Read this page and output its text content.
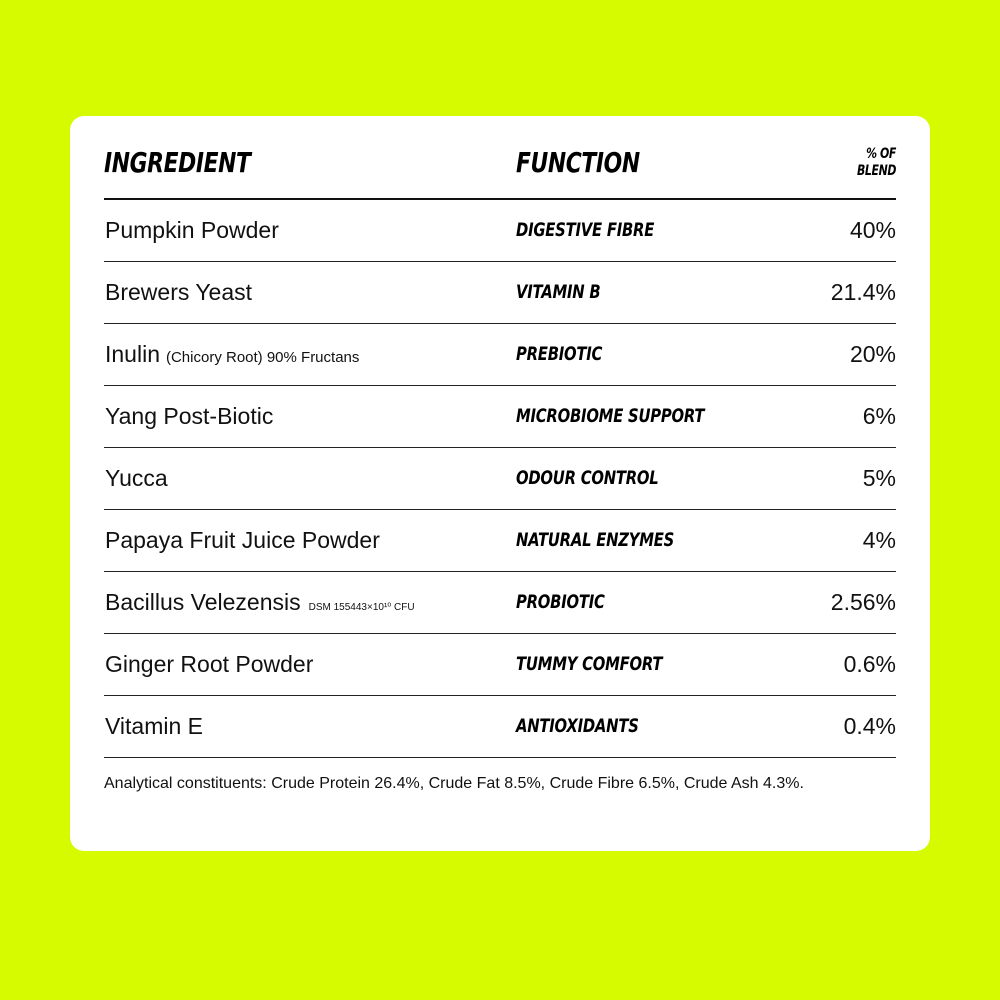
INGREDIENT	FUNCTION	% OF
BLEND
Pumpkin Powder	DIGESTIVE FIBRE	40%
Brewers Yeast	VITAMIN B	21.4%
Inulin (Chicory Root) 90% Fructans	PREBIOTIC	20%
Yang Post-Biotic	MICROBIOME SUPPORT	6%
Yucca	ODOUR CONTROL	5%
Papaya Fruit Juice Powder	NATURAL ENZYMES	4%
Bacillus Velezensis DSM 155443×10¹⁰ CFU	PROBIOTIC	2.56%
Ginger Root Powder	TUMMY COMFORT	0.6%
Vitamin E	ANTIOXIDANTS	0.4%
Analytical constituents: Crude Protein 26.4%, Crude Fat 8.5%, Crude Fibre 6.5%, Crude Ash 4.3%.
